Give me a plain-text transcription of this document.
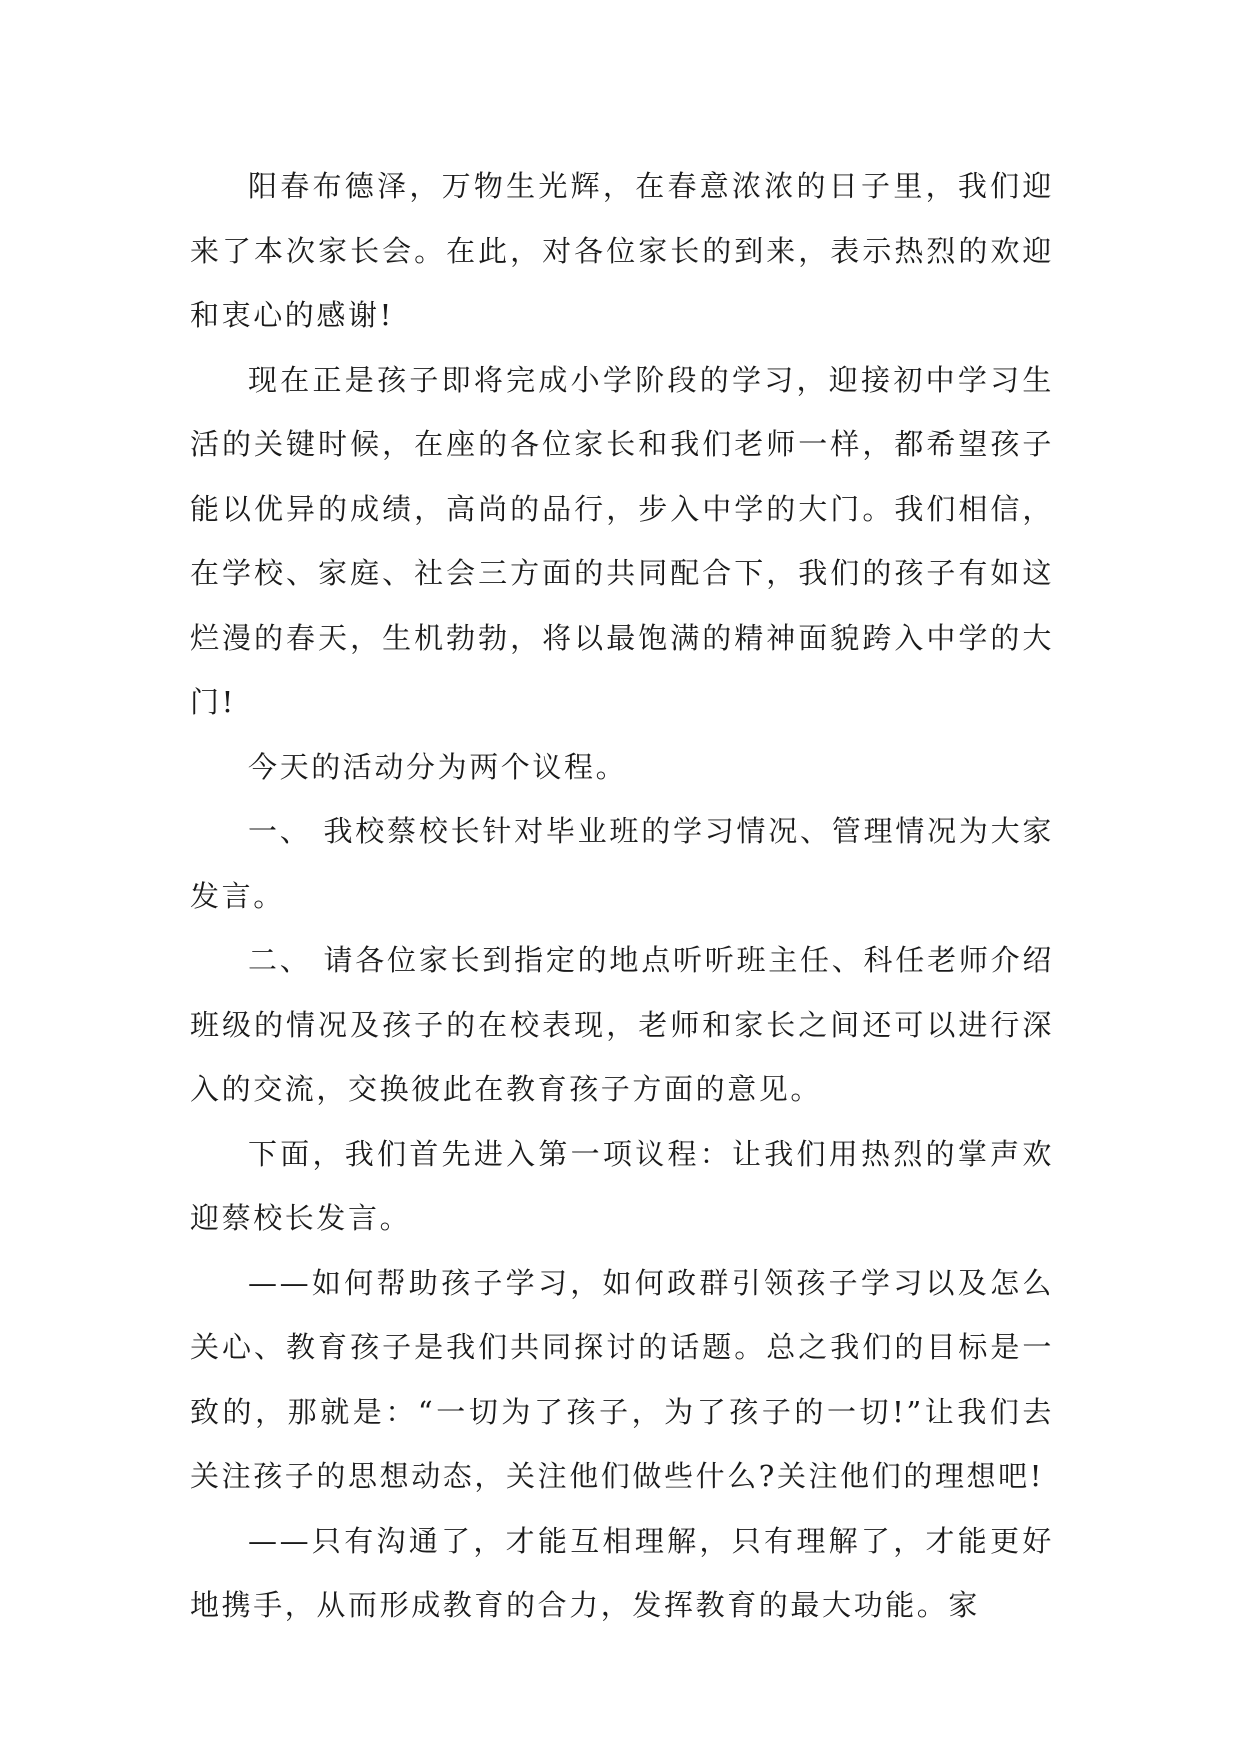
阳春布德泽，万物生光辉，在春意浓浓的日子里，我们迎来了本次家长会。在此，对各位家长的到来，表示热烈的欢迎和衷心的感谢!

现在正是孩子即将完成小学阶段的学习，迎接初中学习生活的关键时候，在座的各位家长和我们老师一样，都希望孩子能以优异的成绩，高尚的品行，步入中学的大门。我们相信，在学校、家庭、社会三方面的共同配合下，我们的孩子有如这烂漫的春天，生机勃勃，将以最饱满的精神面貌跨入中学的大门!

今天的活动分为两个议程。

一、 我校蔡校长针对毕业班的学习情况、管理情况为大家发言。

二、 请各位家长到指定的地点听听班主任、科任老师介绍班级的情况及孩子的在校表现，老师和家长之间还可以进行深入的交流，交换彼此在教育孩子方面的意见。

下面，我们首先进入第一项议程：让我们用热烈的掌声欢迎蔡校长发言。

——如何帮助孩子学习，如何政群引领孩子学习以及怎么关心、教育孩子是我们共同探讨的话题。总之我们的目标是一致的，那就是：“一切为了孩子，为了孩子的一切!”让我们去关注孩子的思想动态，关注他们做些什么?关注他们的理想吧!

——只有沟通了，才能互相理解，只有理解了，才能更好地携手，从而形成教育的合力，发挥教育的最大功能。家
